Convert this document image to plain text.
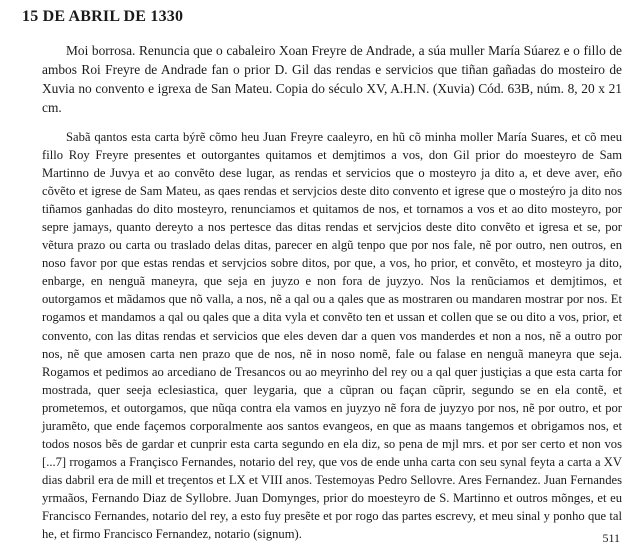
15 DE ABRIL DE 1330

Moi borrosa. Renuncia que o cabaleiro Xoan Freyre de Andrade, a súa muller María Súarez e o fillo de ambos Roi Freyre de Andrade fan o prior D. Gil das rendas e servicios que tiñan gañadas do mosteiro de Xuvia no convento e igrexa de San Mateu. Copia do século XV, A.H.N. (Xuvia) Cód. 63B, núm. 8, 20 x 21 cm.

Sabã qantos esta carta býrẽ cõmo heu Juan Freyre caaleyro, en hũ cõ minha moller María Suares, et cõ meu fillo Roy Freyre presentes et outorgantes quitamos et demjtimos a vos, don Gil prior do moesteyro de Sam Martinno de Juvya et ao convẽto dese lugar, as rendas et servicios que o mosteyro ja dito a, et deve aver, eño cõvẽto et igrese de Sam Mateu, as qaes rendas et servjcios deste dito convento et igrese que o mosteýro ja dito nos tiñamos ganhadas do dito mosteyro, renunciamos et quitamos de nos, et tornamos a vos et ao dito mosteyro, por sepre jamays, quanto dereyto a nos pertesce das ditas rendas et servjcios deste dito convẽto et igresa et se, por vẽtura prazo ou carta ou traslado delas ditas, parecer en algũ tenpo que por nos fale, nẽ por outro, nen outros, en noso favor por que estas rendas et servjcios sobre ditos, por que, a vos, ho prior, et convẽto, et mosteyro ja dito, enbarge, en nenguã maneyra, que seja en juyzo e non fora de juyzyo. Nos la renũciamos et demjtimos, et outorgamos et mãdamos que nõ valla, a nos, nẽ a qal ou a qales que as mostraren ou mandaren mostrar por nos. Et rogamos et mandamos a qal ou qales que a dita vyla et convẽto ten et ussan et collen que se ou dito a vos, prior, et convento, con las ditas rendas et servicios que eles deven dar a quen vos manderdes et non a nos, nẽ a outro por nos, nẽ que amosen carta nen prazo que de nos, nẽ in noso nomẽ, fale ou falase en nenguã maneyra que seja. Rogamos et pedimos ao arcediano de Tresancos ou ao meyrinho del rey ou a qal quer justiçias a que esta carta for mostrada, quer seeja eclesiastica, quer leygaria, que a cũpran ou façan cũprir, segundo se en ela contẽ, et prometemos, et outorgamos, que nũqa contra ela vamos en juyzyo nẽ fora de juyzyo por nos, nẽ por outro, et por juramẽto, que ende façemos corporalmente aos santos evangeos, en que as maans tangemos et obrigamos nos, et todos nosos bẽs de gardar et cunprir esta carta segundo en ela diz, so pena de mjl mrs. et por ser certo et non vos [...7] rrogamos a Françisco Fernandes, notario del rey, que vos de ende unha carta con seu synal feyta a carta a XV dias dabril era de mill et treçentos et LX et VIII anos. Testemoyas Pedro Sellovre. Ares Fernandez. Juan Fernandes yrmaãos, Fernando Diaz de Syllobre. Juan Domynges, prior do moesteyro de S. Martinno et outros mõnges, et eu Francisco Fernandes, notario del rey, a esto fuy presẽte et por rogo das partes escrevy, et meu sinal y ponho que tal he, et firmo Francisco Fernandez, notario (signum).	511
